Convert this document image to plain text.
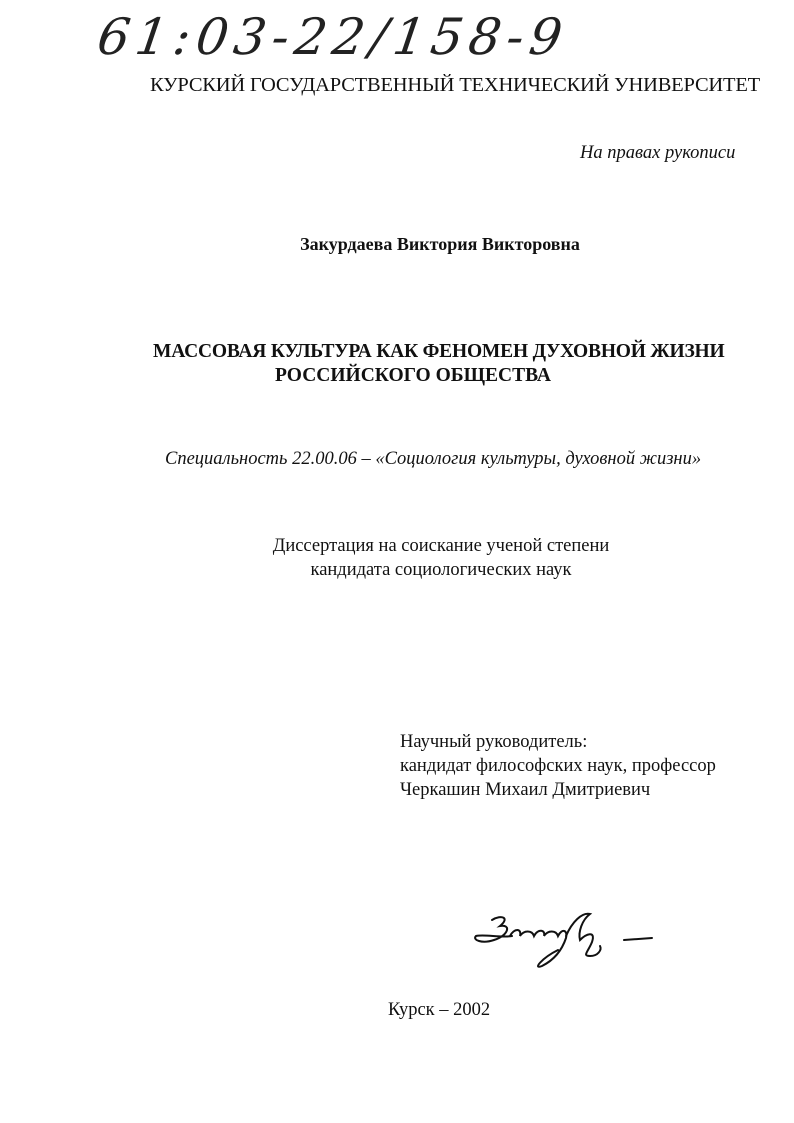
61:03-22/158-9
КУРСКИЙ ГОСУДАРСТВЕННЫЙ ТЕХНИЧЕСКИЙ УНИВЕРСИТЕТ
На правах рукописи
Закурдаева Виктория Викторовна
МАССОВАЯ КУЛЬТУРА КАК ФЕНОМЕН ДУХОВНОЙ ЖИЗНИ
РОССИЙСКОГО ОБЩЕСТВА
Специальность 22.00.06 – «Социология культуры, духовной жизни»
Диссертация на соискание ученой степени
кандидата социологических наук
Научный руководитель:
кандидат философских наук, профессор
Черкашин Михаил Дмитриевич
Курск – 2002
